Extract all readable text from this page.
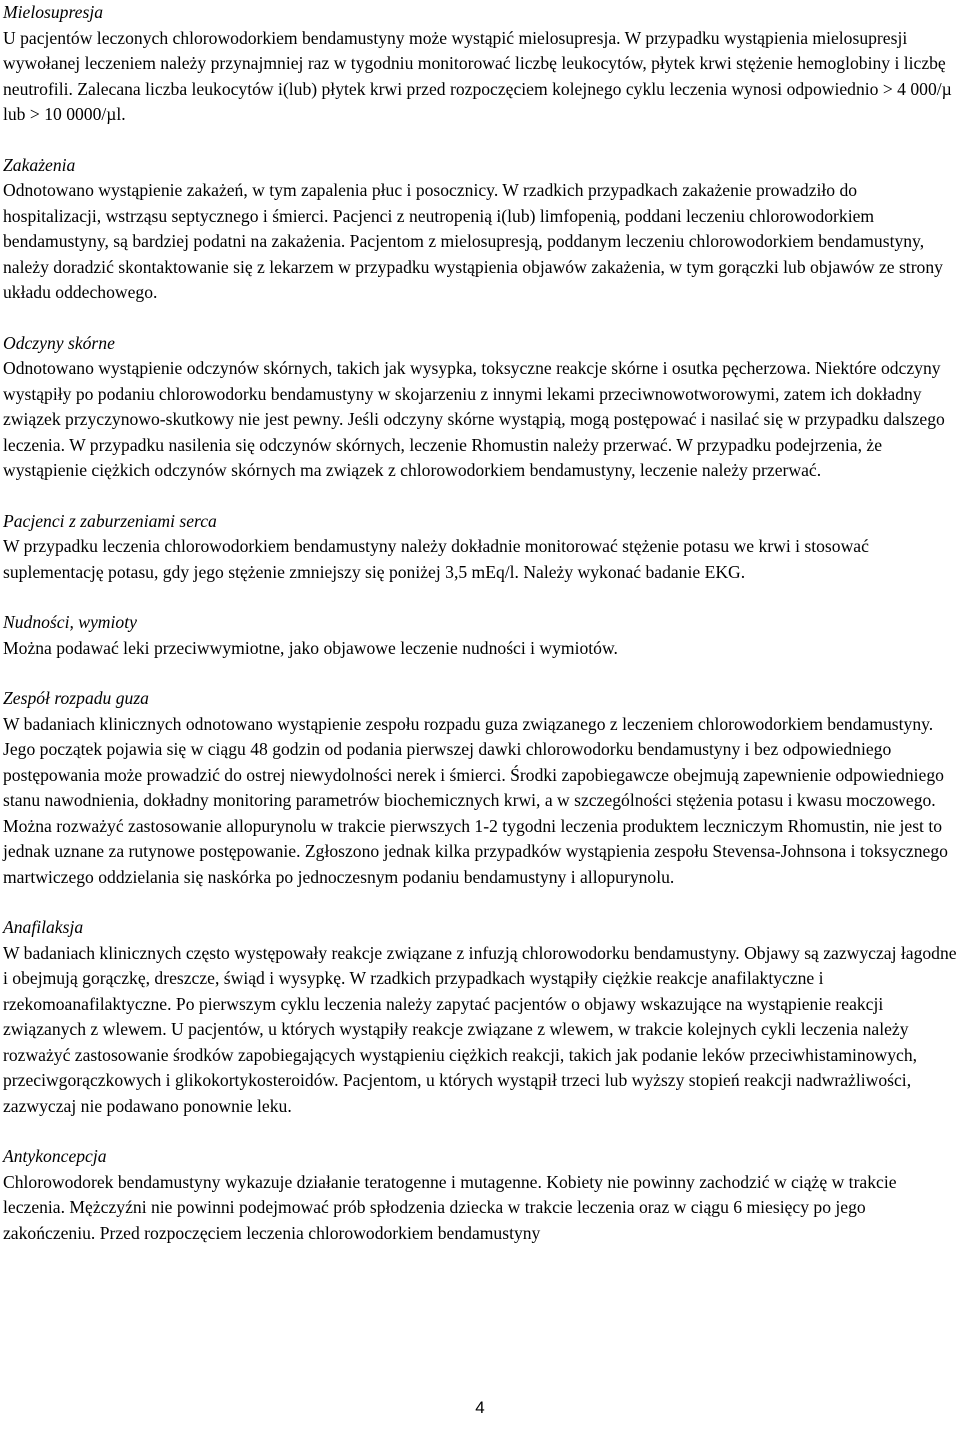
Mielosupresja

U pacjentów leczonych chlorowodorkiem bendamustyny może wystąpić mielosupresja. W przypadku wystąpienia mielosupresji wywołanej leczeniem należy przynajmniej raz w tygodniu monitorować liczbę leukocytów, płytek krwi stężenie hemoglobiny i liczbę neutrofili. Zalecana liczba leukocytów i(lub) płytek krwi przed rozpoczęciem kolejnego cyklu leczenia wynosi odpowiednio > 4 000/µ lub > 10 0000/µl.

Zakażenia

Odnotowano wystąpienie zakażeń, w tym zapalenia płuc i posocznicy. W rzadkich przypadkach zakażenie prowadziło do hospitalizacji, wstrząsu septycznego i śmierci. Pacjenci z neutropenią i(lub) limfopenią, poddani leczeniu chlorowodorkiem bendamustyny, są bardziej podatni na zakażenia. Pacjentom z mielosupresją, poddanym leczeniu chlorowodorkiem bendamustyny, należy doradzić skontaktowanie się z lekarzem w przypadku wystąpienia objawów zakażenia, w tym gorączki lub objawów ze strony układu oddechowego.

Odczyny skórne

Odnotowano wystąpienie odczynów skórnych, takich jak wysypka, toksyczne reakcje skórne i osutka pęcherzowa. Niektóre odczyny wystąpiły po podaniu chlorowodorku bendamustyny w skojarzeniu z innymi lekami przeciwnowotworowymi, zatem ich dokładny związek przyczynowo-skutkowy nie jest pewny. Jeśli odczyny skórne wystąpią, mogą postępować i nasilać się w przypadku dalszego leczenia. W przypadku nasilenia się odczynów skórnych, leczenie Rhomustin należy przerwać. W przypadku podejrzenia, że wystąpienie ciężkich odczynów skórnych ma związek z chlorowodorkiem bendamustyny, leczenie należy przerwać.

Pacjenci z zaburzeniami serca

W przypadku leczenia chlorowodorkiem bendamustyny należy dokładnie monitorować stężenie potasu we krwi i stosować suplementację potasu, gdy jego stężenie zmniejszy się poniżej 3,5 mEq/l. Należy wykonać badanie EKG.

Nudności, wymioty

Można podawać leki przeciwwymiotne, jako objawowe leczenie nudności i wymiotów.

Zespół rozpadu guza

W badaniach klinicznych odnotowano wystąpienie zespołu rozpadu guza związanego z leczeniem chlorowodorkiem bendamustyny. Jego początek pojawia się w ciągu 48 godzin od podania pierwszej dawki chlorowodorku bendamustyny i bez odpowiedniego postępowania może prowadzić do ostrej niewydolności nerek i śmierci. Środki zapobiegawcze obejmują zapewnienie odpowiedniego stanu nawodnienia, dokładny monitoring parametrów biochemicznych krwi, a w szczególności stężenia potasu i kwasu moczowego. Można rozważyć zastosowanie allopurynolu w trakcie pierwszych 1-2 tygodni leczenia produktem leczniczym Rhomustin, nie jest to jednak uznane za rutynowe postępowanie. Zgłoszono jednak kilka przypadków wystąpienia zespołu Stevensa-Johnsona i toksycznego martwiczego oddzielania się naskórka po jednoczesnym podaniu bendamustyny i allopurynolu.

Anafilaksja

W badaniach klinicznych często występowały reakcje związane z infuzją chlorowodorku bendamustyny. Objawy są zazwyczaj łagodne i obejmują gorączkę, dreszcze, świąd i wysypkę. W rzadkich przypadkach wystąpiły ciężkie reakcje anafilaktyczne i rzekomoanafilaktyczne. Po pierwszym cyklu leczenia należy zapytać pacjentów o objawy wskazujące na wystąpienie reakcji związanych z wlewem. U pacjentów, u których wystąpiły reakcje związane z wlewem, w trakcie kolejnych cykli leczenia należy rozważyć zastosowanie środków zapobiegających wystąpieniu ciężkich reakcji, takich jak podanie leków przeciwhistaminowych, przeciwgorączkowych i glikokortykosteroidów. Pacjentom, u których wystąpił trzeci lub wyższy stopień reakcji nadwrażliwości, zazwyczaj nie podawano ponownie leku.

Antykoncepcja

Chlorowodorek bendamustyny wykazuje działanie teratogenne i mutagenne. Kobiety nie powinny zachodzić w ciążę w trakcie leczenia. Mężczyźni nie powinni podejmować prób spłodzenia dziecka w trakcie leczenia oraz w ciągu 6 miesięcy po jego zakończeniu. Przed rozpoczęciem leczenia chlorowodorkiem bendamustyny

4
